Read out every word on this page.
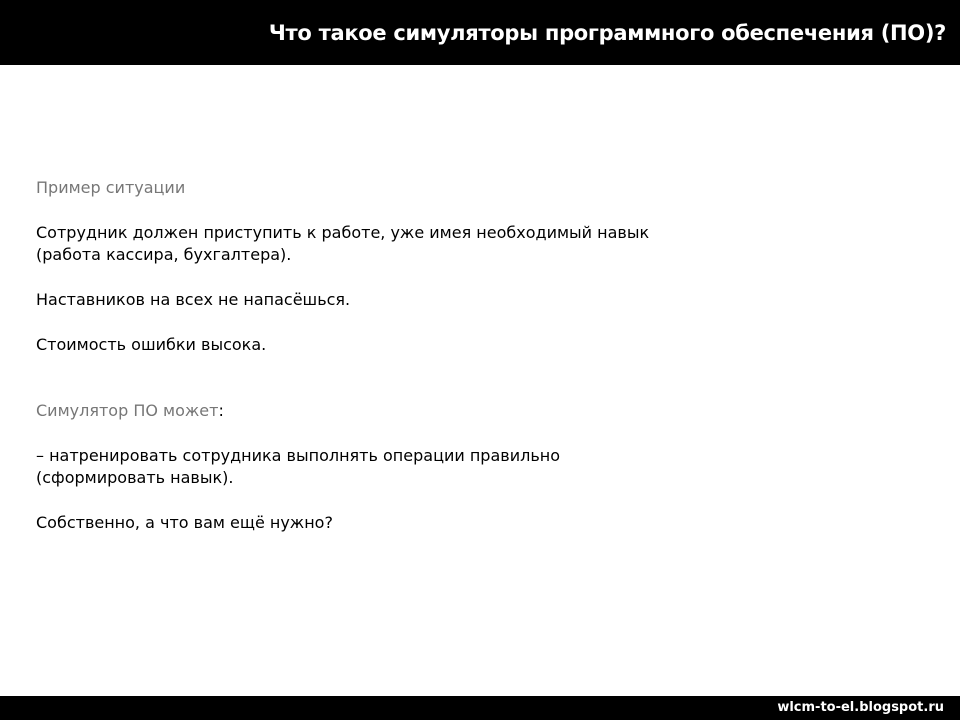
Что такое симуляторы программного обеспечения (ПО)?

Пример ситуации

Сотрудник должен приступить к работе, уже имея необходимый навык

(работа кассира, бухгалтера).

Наставников на всех не напасёшься.

Стоимость ошибки высока.

Симулятор ПО может:

– натренировать сотрудника выполнять операции правильно

(сформировать навык).

Собственно, а что вам ещё нужно?

wlcm-to-el.blogspot.ru
